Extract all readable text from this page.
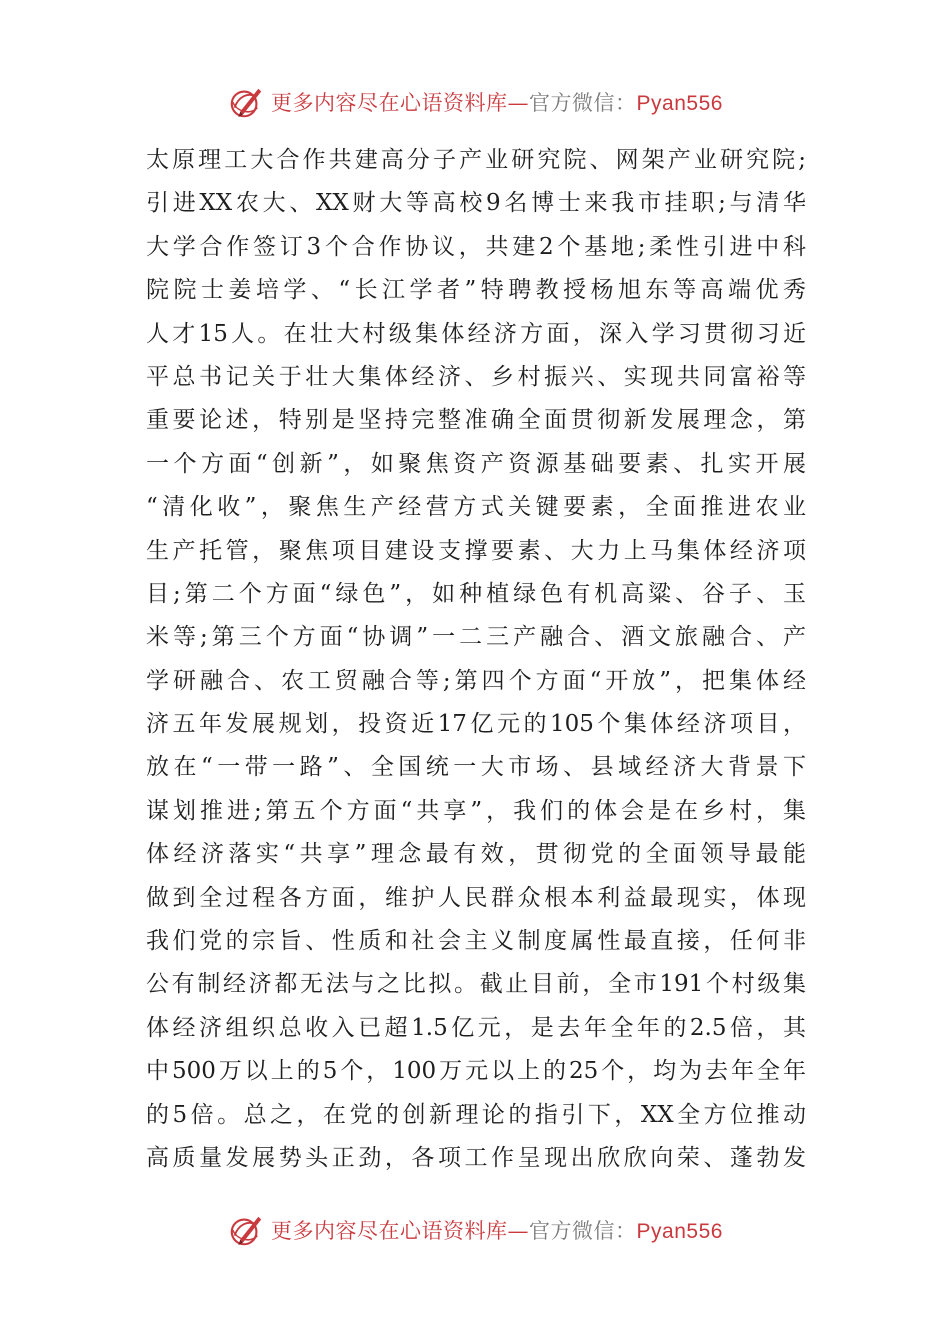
更多内容尽在心语资料库—官方微信：Pyan556
太原理工大合作共建高分子产业研究院、网架产业研究院;
引进XX农大、XX财大等高校9名博士来我市挂职;与清华
大学合作签订3个合作协议，共建2个基地;柔性引进中科
院院士姜培学、“长江学者”特聘教授杨旭东等高端优秀
人才15人。在壮大村级集体经济方面，深入学习贯彻习近
平总书记关于壮大集体经济、乡村振兴、实现共同富裕等
重要论述，特别是坚持完整准确全面贯彻新发展理念，第
一个方面“创新”，如聚焦资产资源基础要素、扎实开展
“清化收”，聚焦生产经营方式关键要素，全面推进农业
生产托管，聚焦项目建设支撑要素、大力上马集体经济项
目;第二个方面“绿色”，如种植绿色有机高粱、谷子、玉
米等;第三个方面“协调”一二三产融合、酒文旅融合、产
学研融合、农工贸融合等;第四个方面“开放”，把集体经
济五年发展规划，投资近17亿元的105个集体经济项目，
放在“一带一路”、全国统一大市场、县域经济大背景下
谋划推进;第五个方面“共享”，我们的体会是在乡村，集
体经济落实“共享”理念最有效，贯彻党的全面领导最能
做到全过程各方面，维护人民群众根本利益最现实，体现
我们党的宗旨、性质和社会主义制度属性最直接，任何非
公有制经济都无法与之比拟。截止目前，全市191个村级集
体经济组织总收入已超1.5亿元，是去年全年的2.5倍，其
中500万以上的5个，100万元以上的25个，均为去年全年
的5倍。总之，在党的创新理论的指引下，XX全方位推动
高质量发展势头正劲，各项工作呈现出欣欣向荣、蓬勃发
更多内容尽在心语资料库—官方微信：Pyan556
